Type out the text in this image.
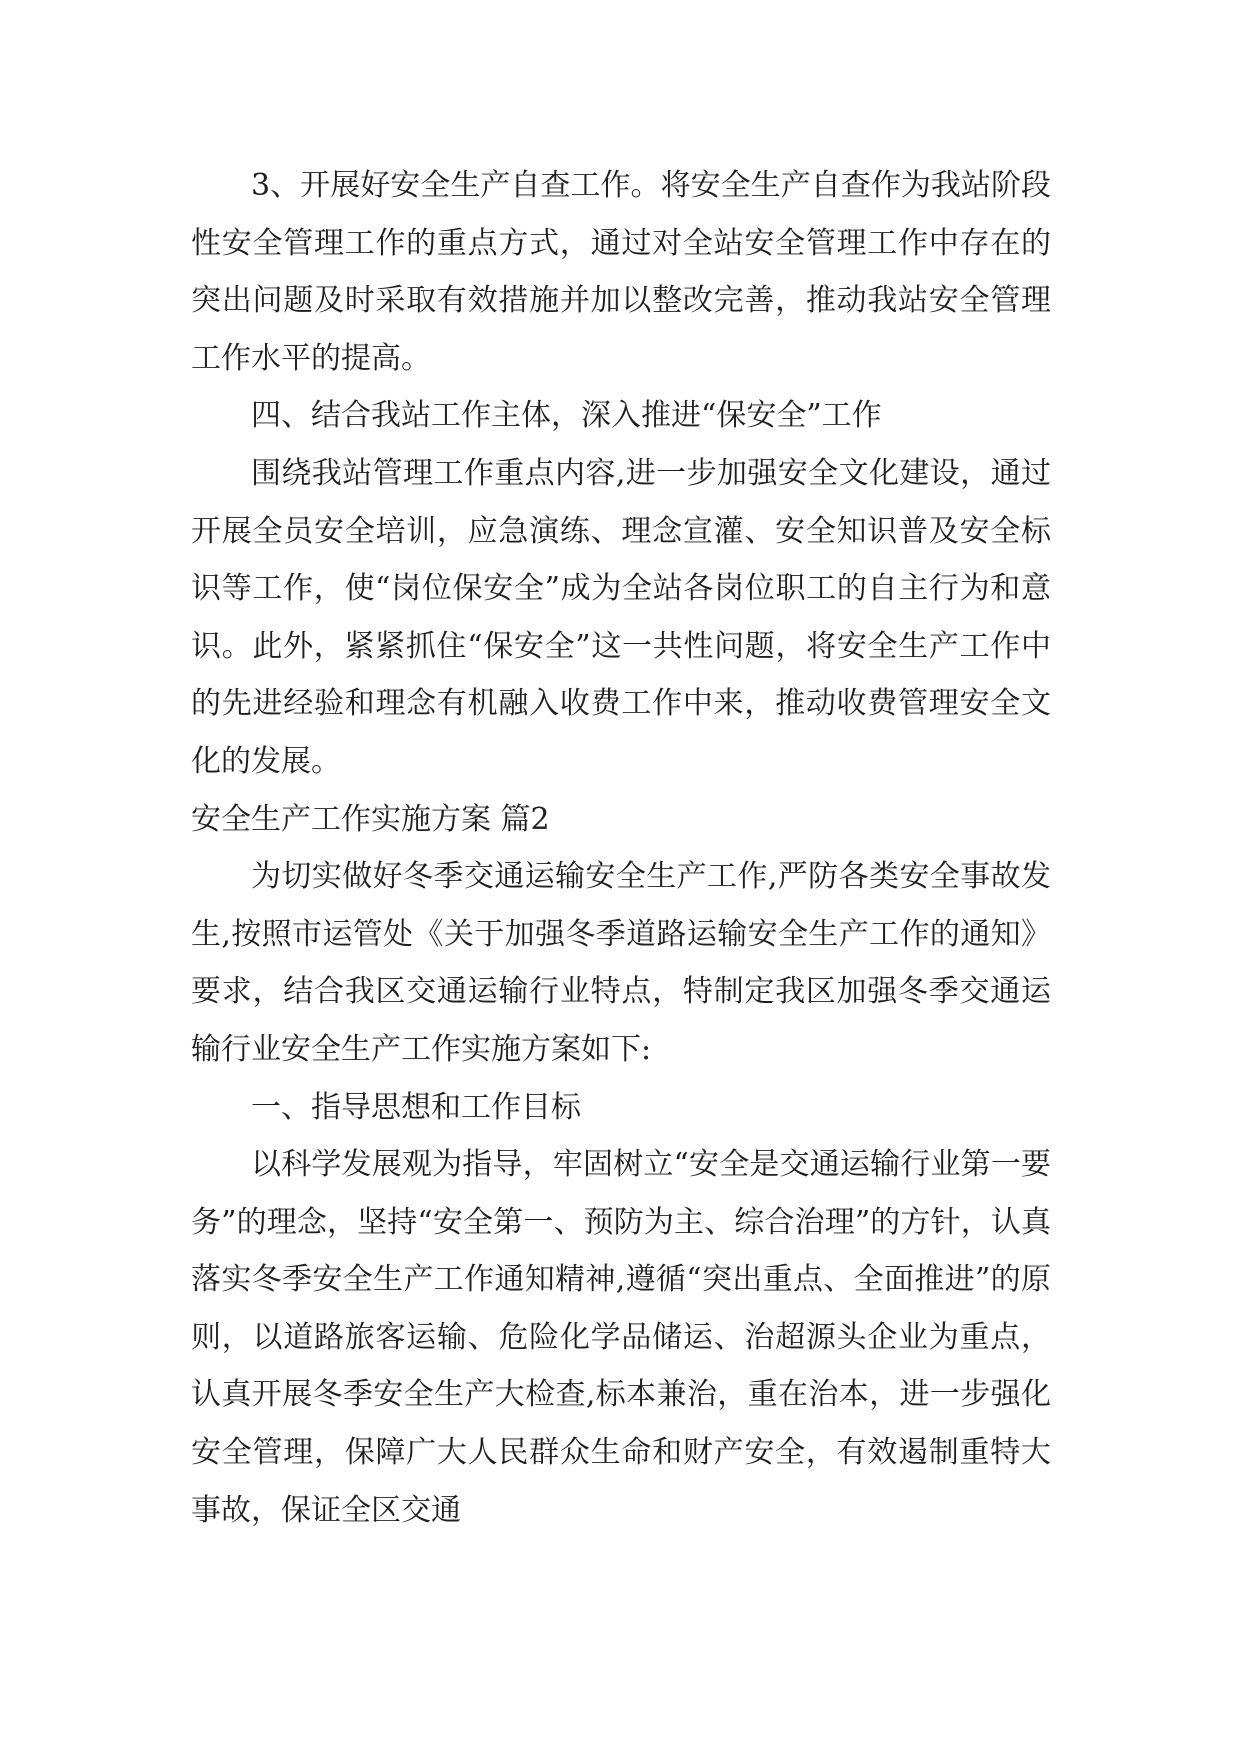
3、开展好安全生产自查工作。将安全生产自查作为我站阶段性安全管理工作的重点方式，通过对全站安全管理工作中存在的突出问题及时采取有效措施并加以整改完善，推动我站安全管理工作水平的提高。

四、结合我站工作主体，深入推进“保安全”工作

围绕我站管理工作重点内容,进一步加强安全文化建设，通过开展全员安全培训，应急演练、理念宣灌、安全知识普及安全标识等工作，使“岗位保安全”成为全站各岗位职工的自主行为和意识。此外，紧紧抓住“保安全”这一共性问题，将安全生产工作中的先进经验和理念有机融入收费工作中来，推动收费管理安全文化的发展。

安全生产工作实施方案 篇2

为切实做好冬季交通运输安全生产工作,严防各类安全事故发生,按照市运管处《关于加强冬季道路运输安全生产工作的通知》要求，结合我区交通运输行业特点，特制定我区加强冬季交通运输行业安全生产工作实施方案如下:

一、指导思想和工作目标

以科学发展观为指导，牢固树立“安全是交通运输行业第一要务”的理念，坚持“安全第一、预防为主、综合治理”的方针，认真落实冬季安全生产工作通知精神,遵循“突出重点、全面推进”的原则，以道路旅客运输、危险化学品储运、治超源头企业为重点，认真开展冬季安全生产大检查,标本兼治，重在治本，进一步强化安全管理，保障广大人民群众生命和财产安全，有效遏制重特大事故，保证全区交通
